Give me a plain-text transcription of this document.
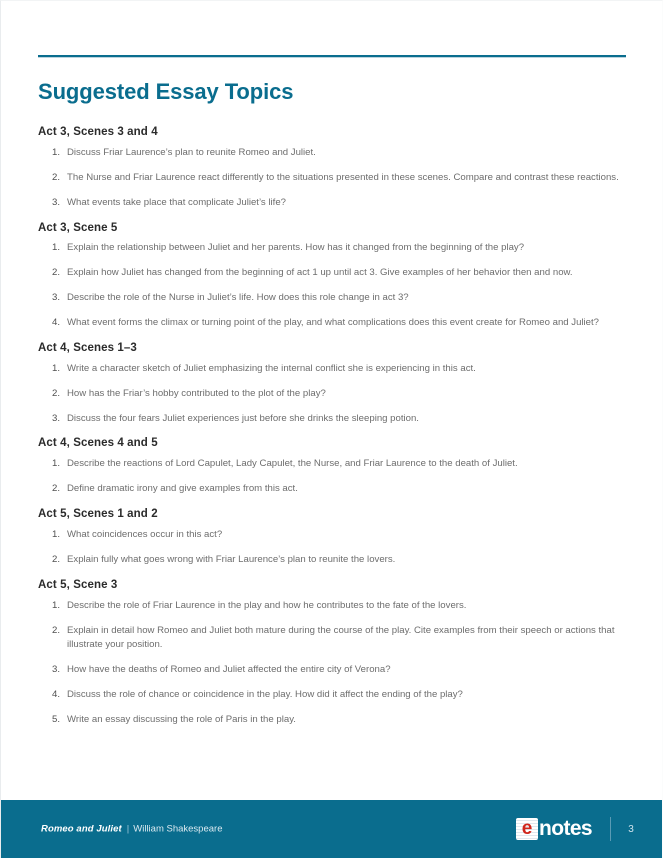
Suggested Essay Topics
Act 3, Scenes 3 and 4
1. Discuss Friar Laurence’s plan to reunite Romeo and Juliet.
2. The Nurse and Friar Laurence react differently to the situations presented in these scenes. Compare and contrast these reactions.
3. What events take place that complicate Juliet’s life?
Act 3, Scene 5
1. Explain the relationship between Juliet and her parents. How has it changed from the beginning of the play?
2. Explain how Juliet has changed from the beginning of act 1 up until act 3. Give examples of her behavior then and now.
3. Describe the role of the Nurse in Juliet’s life. How does this role change in act 3?
4. What event forms the climax or turning point of the play, and what complications does this event create for Romeo and Juliet?
Act 4, Scenes 1–3
1. Write a character sketch of Juliet emphasizing the internal conflict she is experiencing in this act.
2. How has the Friar’s hobby contributed to the plot of the play?
3. Discuss the four fears Juliet experiences just before she drinks the sleeping potion.
Act 4, Scenes 4 and 5
1. Describe the reactions of Lord Capulet, Lady Capulet, the Nurse, and Friar Laurence to the death of Juliet.
2. Define dramatic irony and give examples from this act.
Act 5, Scenes 1 and 2
1. What coincidences occur in this act?
2. Explain fully what goes wrong with Friar Laurence’s plan to reunite the lovers.
Act 5, Scene 3
1. Describe the role of Friar Laurence in the play and how he contributes to the fate of the lovers.
2. Explain in detail how Romeo and Juliet both mature during the course of the play. Cite examples from their speech or actions that illustrate your position.
3. How have the deaths of Romeo and Juliet affected the entire city of Verona?
4. Discuss the role of chance or coincidence in the play. How did it affect the ending of the play?
5. Write an essay discussing the role of Paris in the play.
Romeo and Juliet | William Shakespeare	e notes	3
